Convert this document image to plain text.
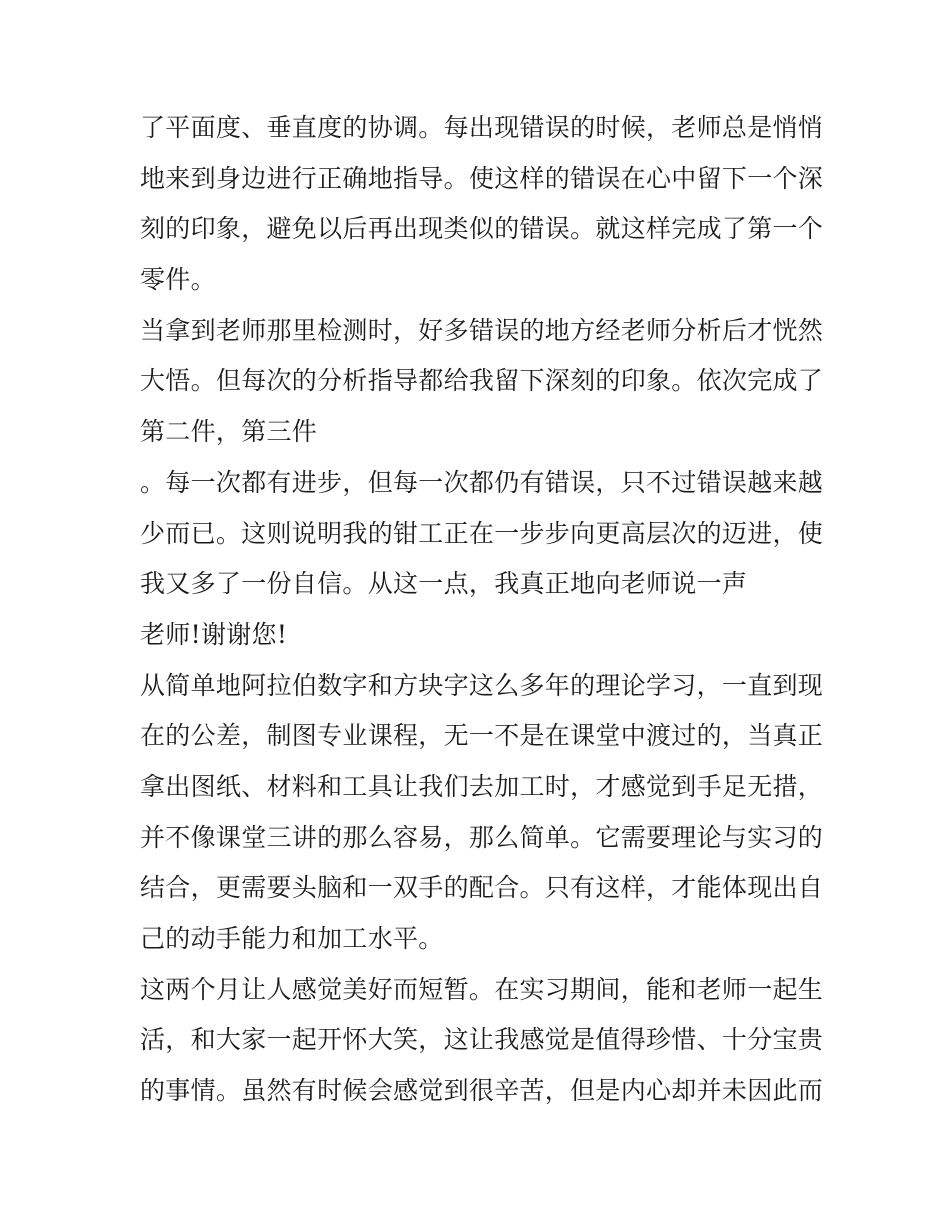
了平面度、垂直度的协调。每出现错误的时候，老师总是悄悄
地来到身边进行正确地指导。使这样的错误在心中留下一个深
刻的印象，避免以后再出现类似的错误。就这样完成了第一个
零件。
当拿到老师那里检测时，好多错误的地方经老师分析后才恍然
大悟。但每次的分析指导都给我留下深刻的印象。依次完成了
第二件，第三件
。每一次都有进步，但每一次都仍有错误，只不过错误越来越
少而已。这则说明我的钳工正在一步步向更高层次的迈进，使
我又多了一份自信。从这一点，我真正地向老师说一声
老师!谢谢您!
从简单地阿拉伯数字和方块字这么多年的理论学习，一直到现
在的公差，制图专业课程，无一不是在课堂中渡过的，当真正
拿出图纸、材料和工具让我们去加工时，才感觉到手足无措，
并不像课堂三讲的那么容易，那么简单。它需要理论与实习的
结合，更需要头脑和一双手的配合。只有这样，才能体现出自
己的动手能力和加工水平。
这两个月让人感觉美好而短暂。在实习期间，能和老师一起生
活，和大家一起开怀大笑，这让我感觉是值得珍惜、十分宝贵
的事情。虽然有时候会感觉到很辛苦，但是内心却并未因此而
